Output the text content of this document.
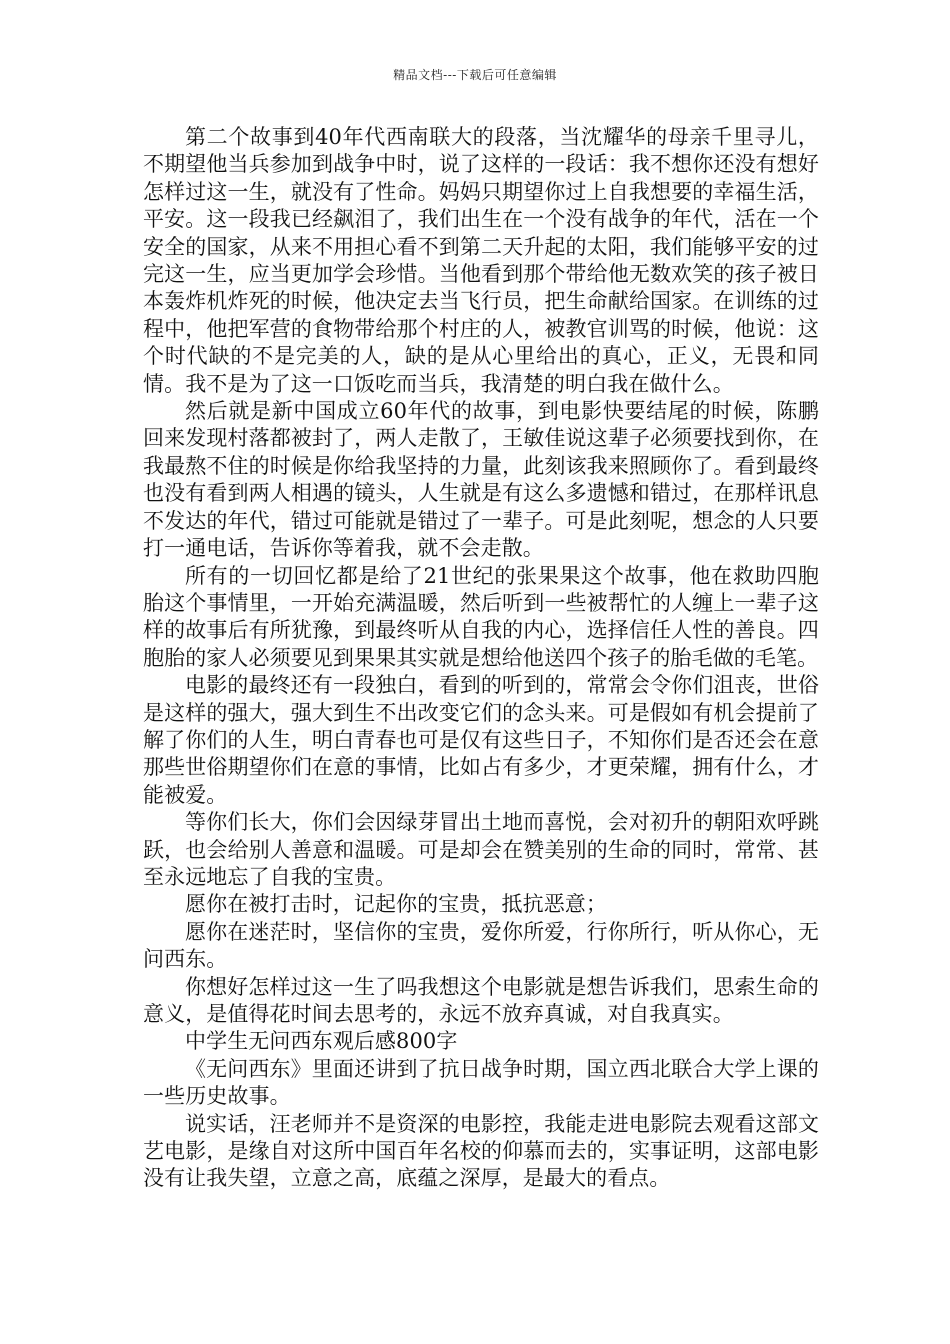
精品文档---下载后可任意编辑

第二个故事到40年代西南联大的段落，当沈耀华的母亲千里寻儿，不期望他当兵参加到战争中时，说了这样的一段话：我不想你还没有想好怎样过这一生，就没有了性命。妈妈只期望你过上自我想要的幸福生活，平安。这一段我已经飙泪了，我们出生在一个没有战争的年代，活在一个安全的国家，从来不用担心看不到第二天升起的太阳，我们能够平安的过完这一生，应当更加学会珍惜。当他看到那个带给他无数欢笑的孩子被日本轰炸机炸死的时候，他决定去当飞行员，把生命献给国家。在训练的过程中，他把军营的食物带给那个村庄的人，被教官训骂的时候，他说：这个时代缺的不是完美的人，缺的是从心里给出的真心，正义，无畏和同情。我不是为了这一口饭吃而当兵，我清楚的明白我在做什么。

然后就是新中国成立60年代的故事，到电影快要结尾的时候，陈鹏回来发现村落都被封了，两人走散了，王敏佳说这辈子必须要找到你，在我最熬不住的时候是你给我坚持的力量，此刻该我来照顾你了。看到最终也没有看到两人相遇的镜头，人生就是有这么多遗憾和错过，在那样讯息不发达的年代，错过可能就是错过了一辈子。可是此刻呢，想念的人只要打一通电话，告诉你等着我，就不会走散。

所有的一切回忆都是给了21世纪的张果果这个故事，他在救助四胞胎这个事情里，一开始充满温暖，然后听到一些被帮忙的人缠上一辈子这样的故事后有所犹豫，到最终听从自我的内心，选择信任人性的善良。四胞胎的家人必须要见到果果其实就是想给他送四个孩子的胎毛做的毛笔。

电影的最终还有一段独白，看到的听到的，常常会令你们沮丧，世俗是这样的强大，强大到生不出改变它们的念头来。可是假如有机会提前了解了你们的人生，明白青春也可是仅有这些日子，不知你们是否还会在意那些世俗期望你们在意的事情，比如占有多少，才更荣耀，拥有什么，才能被爱。

等你们长大，你们会因绿芽冒出土地而喜悦，会对初升的朝阳欢呼跳跃，也会给别人善意和温暖。可是却会在赞美别的生命的同时，常常、甚至永远地忘了自我的宝贵。

愿你在被打击时，记起你的宝贵，抵抗恶意；

愿你在迷茫时，坚信你的宝贵，爱你所爱，行你所行，听从你心，无问西东。

你想好怎样过这一生了吗我想这个电影就是想告诉我们，思索生命的意义，是值得花时间去思考的，永远不放弃真诚，对自我真实。

中学生无问西东观后感800字

《无问西东》里面还讲到了抗日战争时期，国立西北联合大学上课的一些历史故事。

说实话，汪老师并不是资深的电影控，我能走进电影院去观看这部文艺电影，是缘自对这所中国百年名校的仰慕而去的，实事证明，这部电影没有让我失望，立意之高，底蕴之深厚，是最大的看点。
